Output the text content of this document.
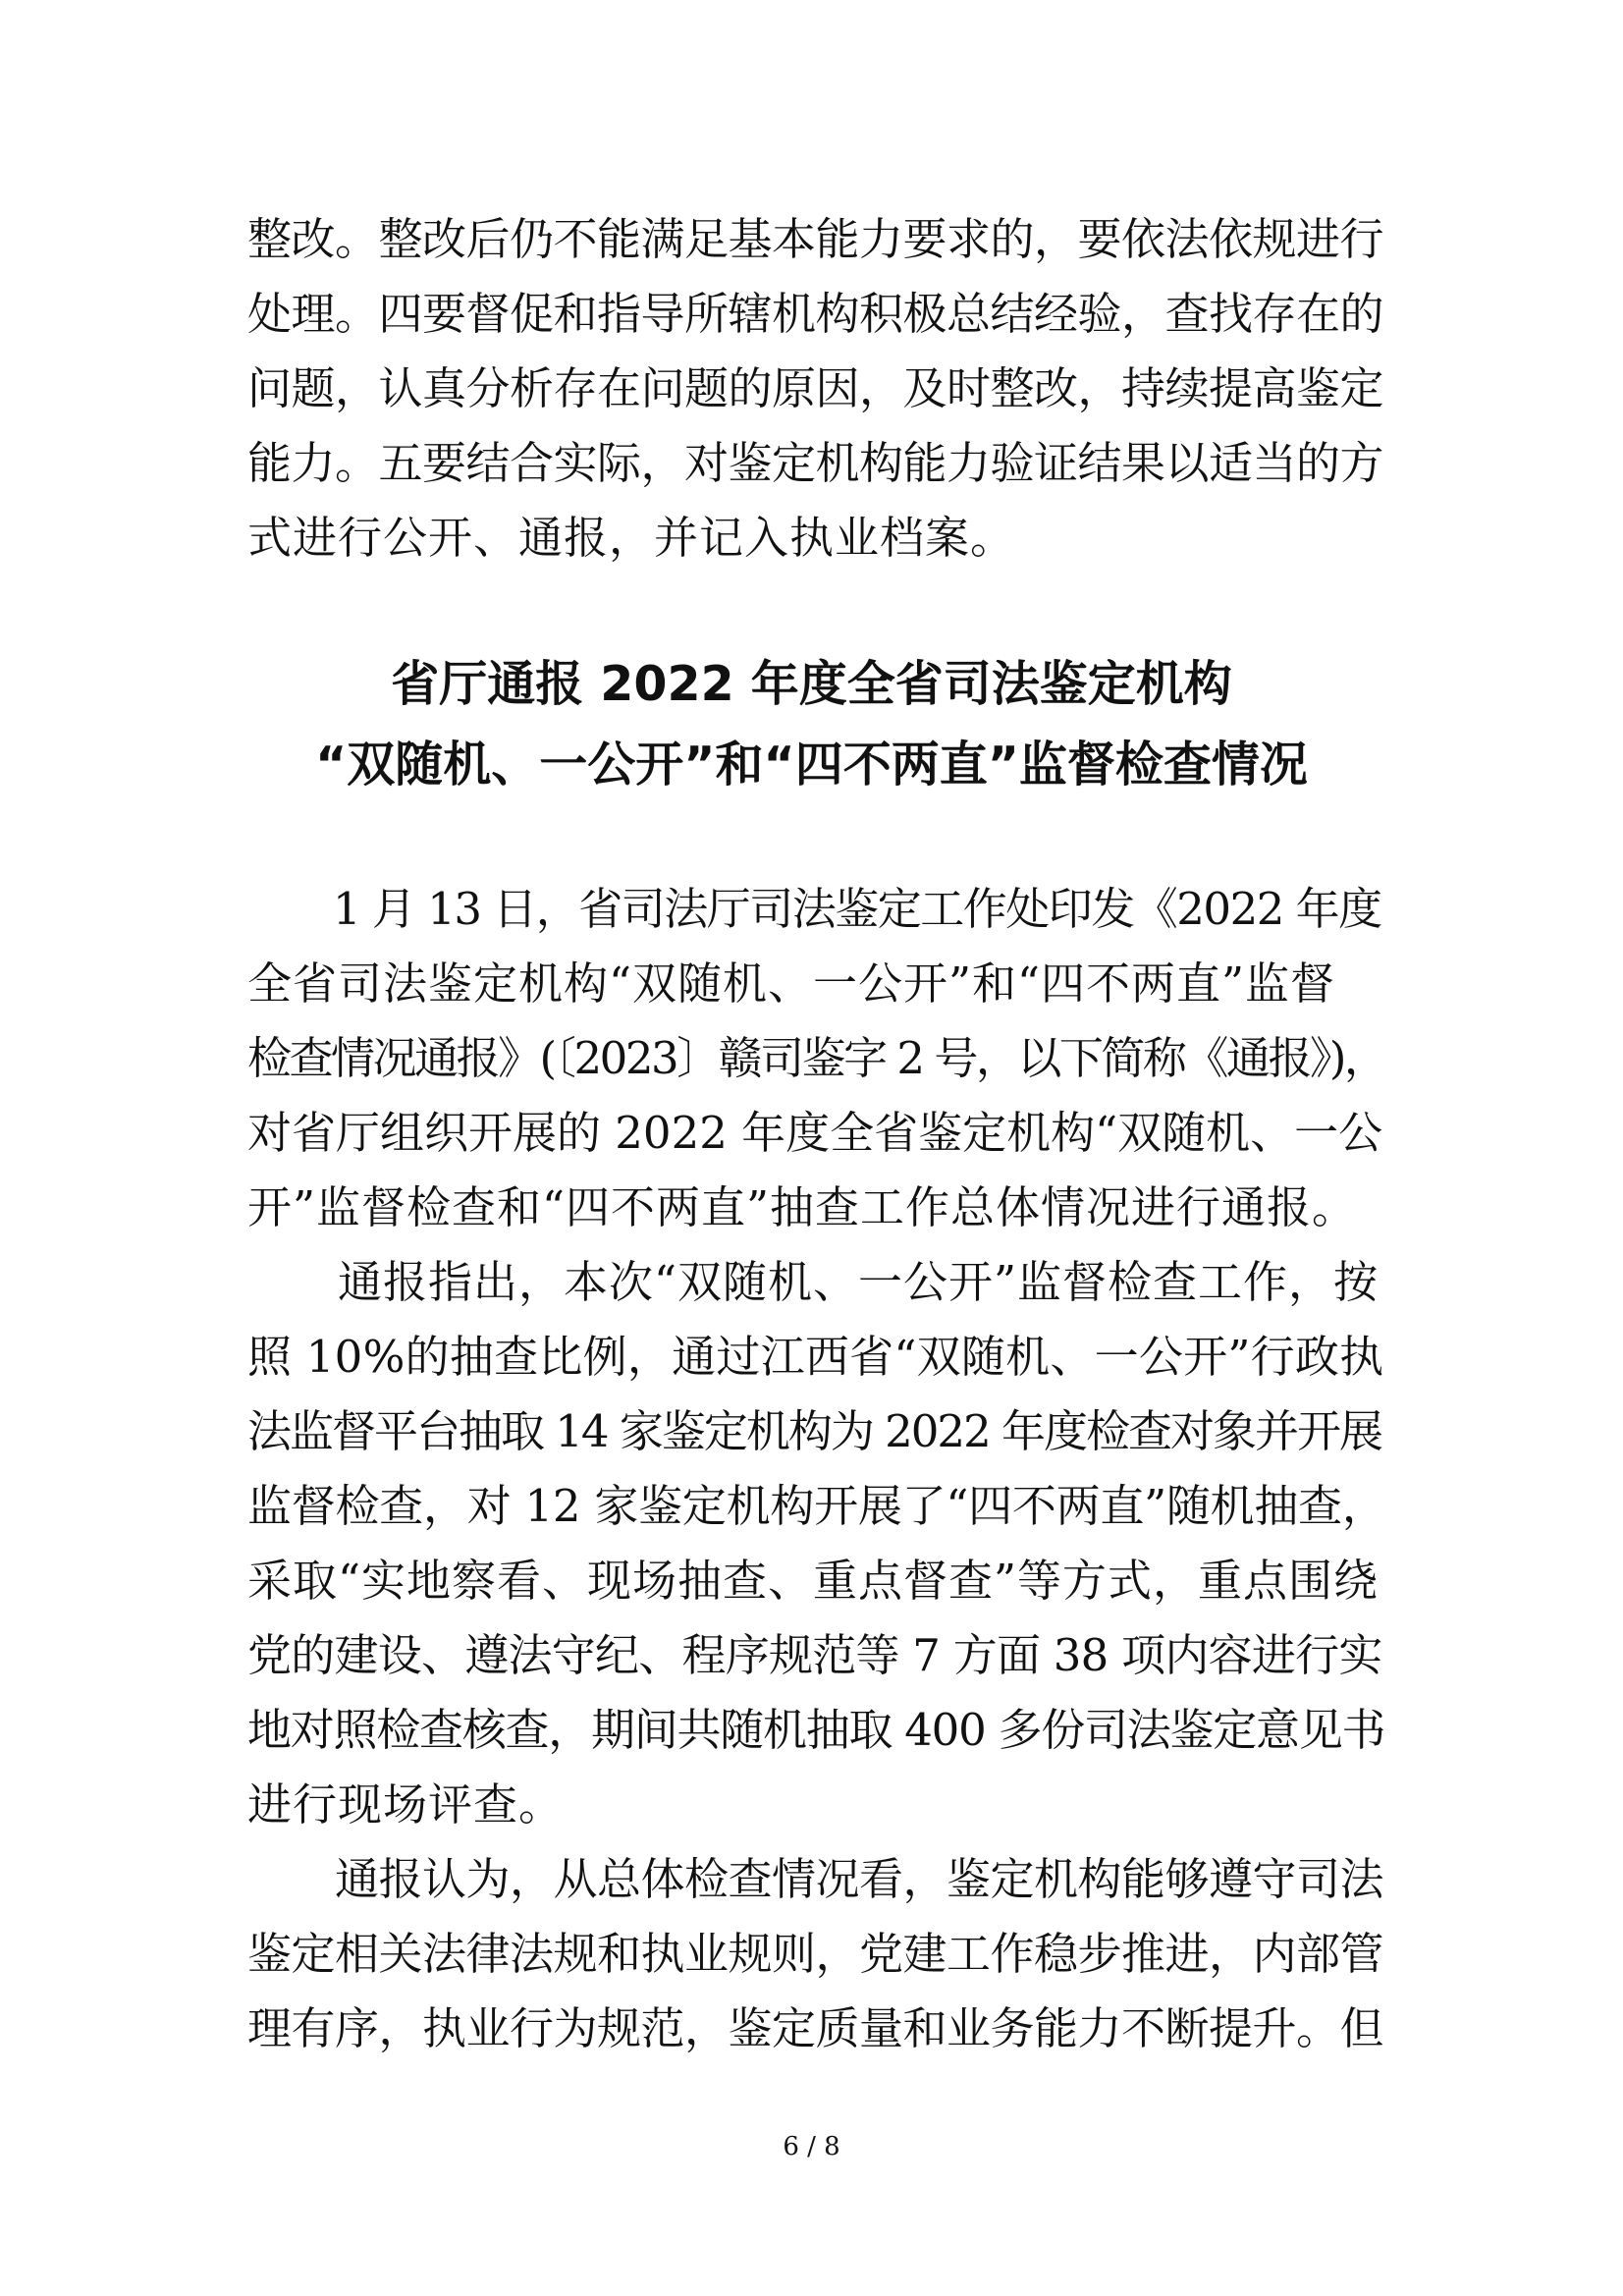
整改。整改后仍不能满足基本能力要求的，要依法依规进行
处理。四要督促和指导所辖机构积极总结经验，查找存在的
问题，认真分析存在问题的原因，及时整改，持续提高鉴定
能力。五要结合实际，对鉴定机构能力验证结果以适当的方
式进行公开、通报，并记入执业档案。
省厅通报 2022 年度全省司法鉴定机构
“双随机、一公开”和“四不两直”监督检查情况
　　1 月 13 日，省司法厅司法鉴定工作处印发《2022 年度
全省司法鉴定机构“双随机、一公开”和“四不两直”监督
检查情况通报》(〔2023〕赣司鉴字 2 号，以下简称《通报》)，
对省厅组织开展的 2022 年度全省鉴定机构“双随机、一公
开”监督检查和“四不两直”抽查工作总体情况进行通报。
　　通报指出，本次“双随机、一公开”监督检查工作，按
照 10%的抽查比例，通过江西省“双随机、一公开”行政执
法监督平台抽取 14 家鉴定机构为 2022 年度检查对象并开展
监督检查，对 12 家鉴定机构开展了“四不两直”随机抽查，
采取“实地察看、现场抽查、重点督查”等方式，重点围绕
党的建设、遵法守纪、程序规范等 7 方面 38 项内容进行实
地对照检查核查，期间共随机抽取 400 多份司法鉴定意见书
进行现场评查。
　　通报认为，从总体检查情况看，鉴定机构能够遵守司法
鉴定相关法律法规和执业规则，党建工作稳步推进，内部管
理有序，执业行为规范，鉴定质量和业务能力不断提升。但
6 / 8
